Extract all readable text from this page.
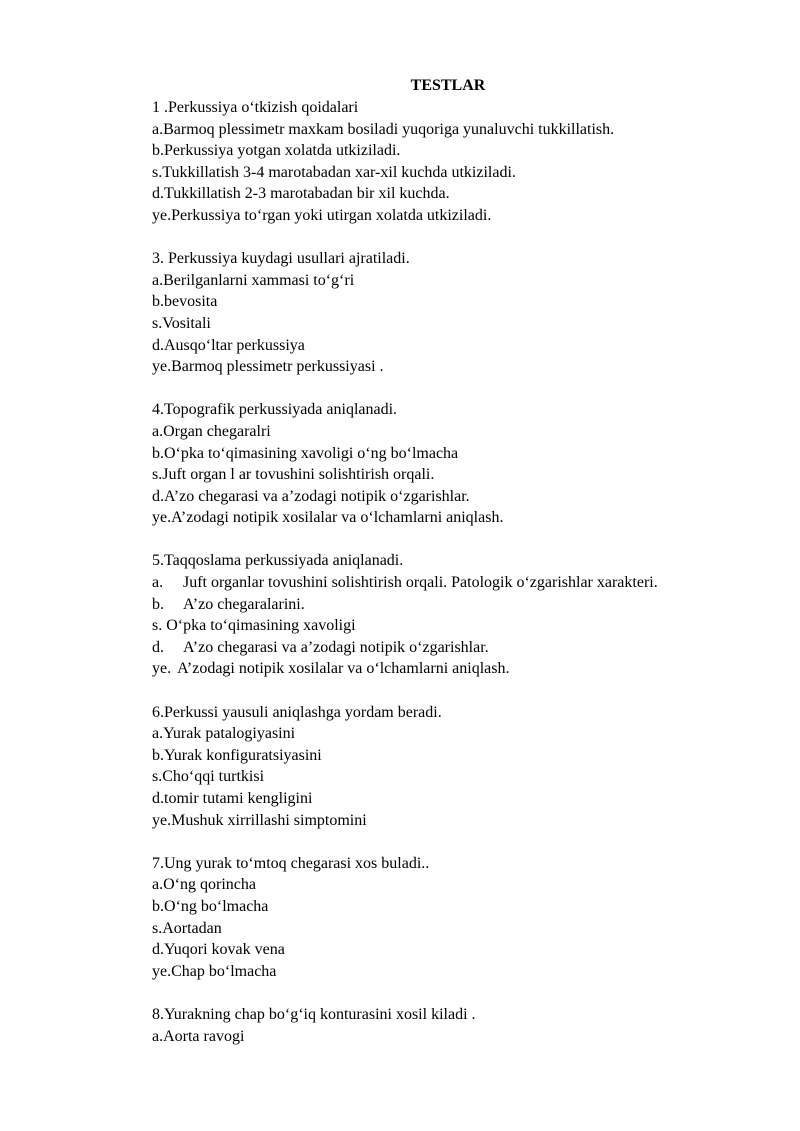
TESTLAR
1 .Perkussiya o‘tkizish qoidalari
a.Barmoq plessimetr maxkam bosiladi yuqoriga yunaluvchi tukkillatish.
b.Perkussiya yotgan xolatda utkiziladi.
s.Tukkillatish 3-4 marotabadan xar-xil kuchda utkiziladi.
d.Tukkillatish 2-3 marotabadan bir xil kuchda.
ye.Perkussiya to‘rgan yoki utirgan xolatda utkiziladi.
3. Perkussiya kuydagi usullari ajratiladi.
a.Berilganlarni xammasi to‘g‘ri
b.bevosita
s.Vositali
d.Ausqo‘ltar perkussiya
ye.Barmoq plessimetr perkussiyasi .
4.Topografik perkussiyada aniqlanadi.
a.Organ chegaralri
b.O‘pka to‘qimasining xavoligi o‘ng bo‘lmacha
s.Juft organ l ar tovushini solishtirish orqali.
d.A’zo chegarasi va a’zodagi notipik o‘zgarishlar.
ye.A’zodagi notipik xosilalar va o‘lchamlarni aniqlash.
5.Taqqoslama perkussiyada aniqlanadi.
a. Juft organlar tovushini solishtirish orqali. Patologik o‘zgarishlar xarakteri.
b. A’zo chegaralarini.
s. O‘pka to‘qimasining xavoligi
d. A’zo chegarasi va a’zodagi notipik o‘zgarishlar.
ye. A’zodagi notipik xosilalar va o‘lchamlarni aniqlash.
6.Perkussi yausuli aniqlashga yordam beradi.
a.Yurak patalogiyasini
b.Yurak konfiguratsiyasini
s.Cho‘qqi turtkisi
d.tomir tutami kengligini
ye.Mushuk xirrillashi simptomini
7.Ung yurak to‘mtoq chegarasi xos buladi..
a.O‘ng qorincha
b.O‘ng bo‘lmacha
s.Aortadan
d.Yuqori kovak vena
ye.Chap bo‘lmacha
8.Yurakning chap bo‘g‘iq konturasini xosil kiladi .
a.Aorta ravogi
